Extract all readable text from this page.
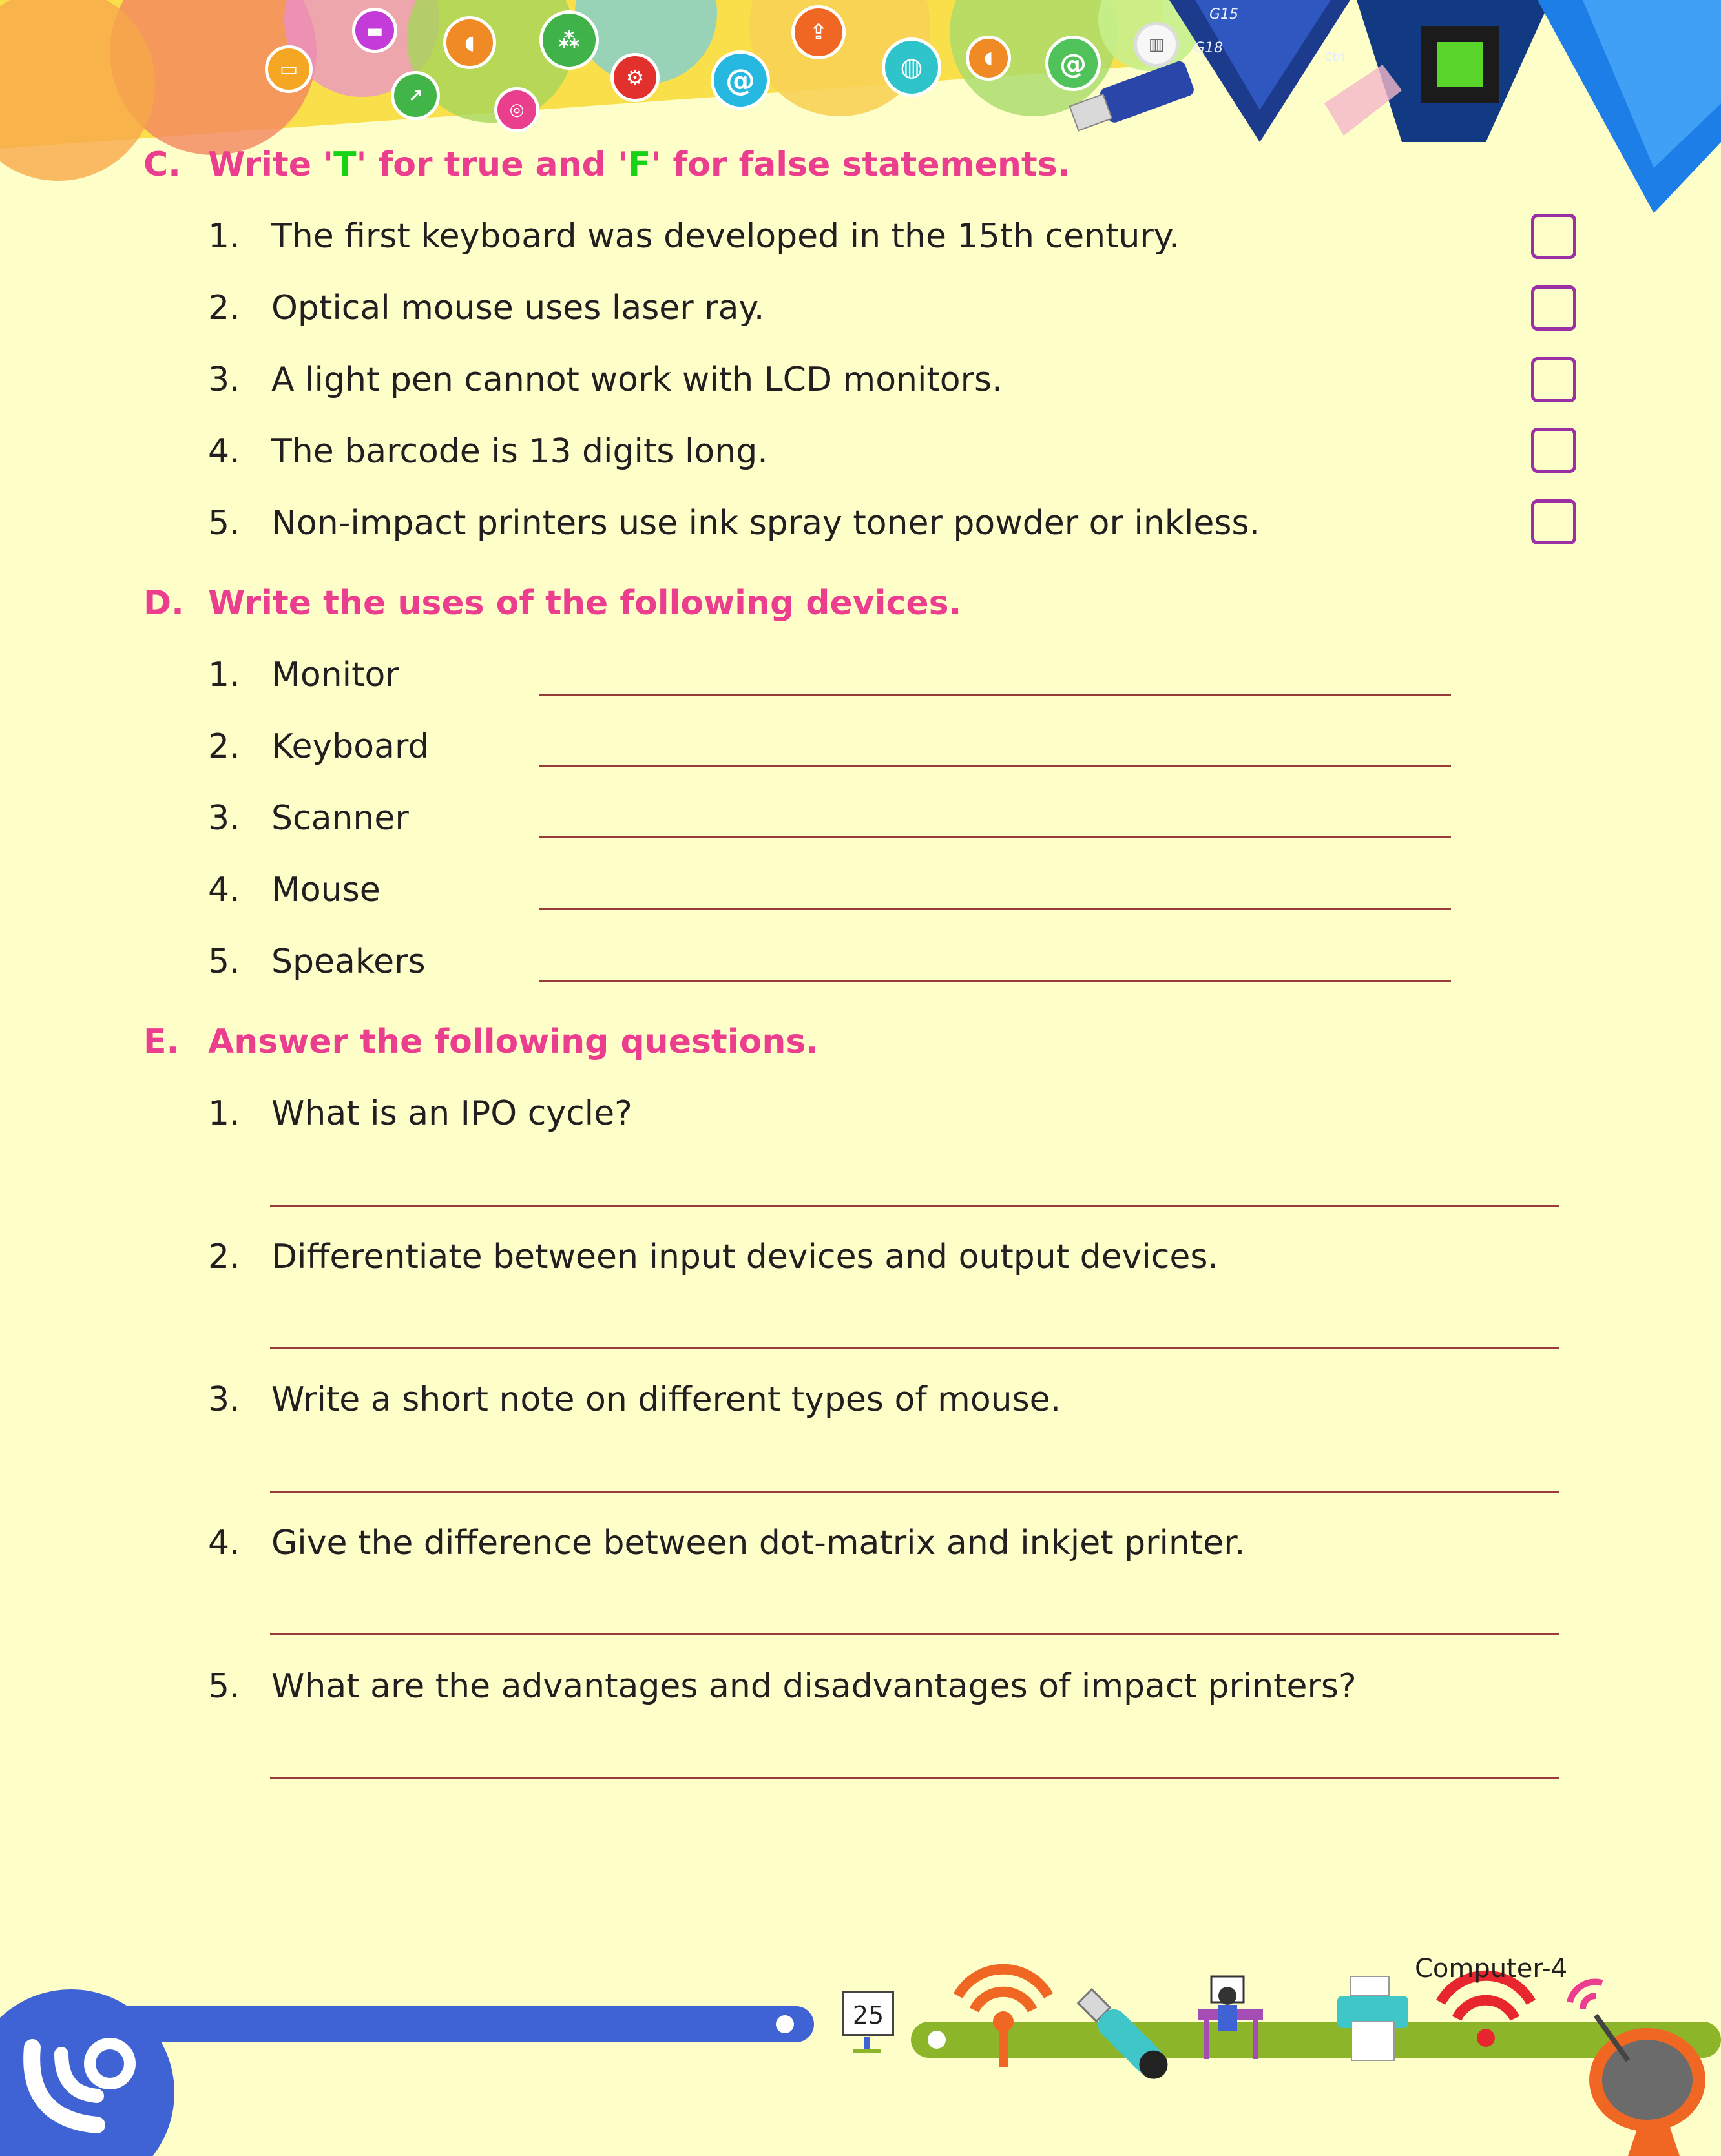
G15
G18
Ctrl
▭
▬
↗
◖
◎
⁂
⚙	@
⇪
◍	◖	@
▥
C. Write 'T' for true and 'F' for false statements.
1. The first keyboard was developed in the 15th century.
2. Optical mouse uses laser ray.
3. A light pen cannot work with LCD monitors.
4. The barcode is 13 digits long.
5. Non-impact printers use ink spray toner powder or inkless.
D. Write the uses of the following devices.
1. Monitor
2. Keyboard
3. Scanner
4. Mouse
5. Speakers
E. Answer the following questions.
1. What is an IPO cycle?
2. Differentiate between input devices and output devices.
3. Write a short note on different types of mouse.
4. Give the difference between dot-matrix and inkjet printer.
5. What are the advantages and disadvantages of impact printers?
25
Computer-4
